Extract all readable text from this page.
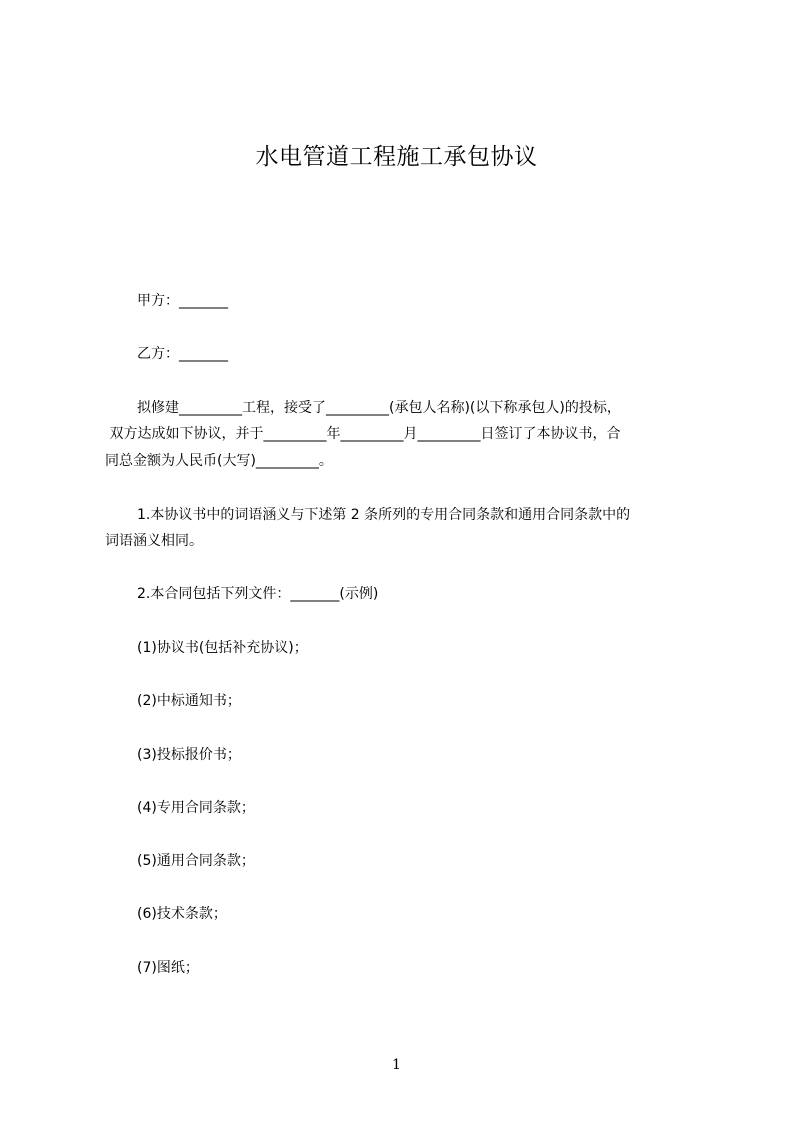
水电管道工程施工承包协议
甲方：_______
乙方：_______
拟修建_________工程，接受了_________(承包人名称)(以下称承包人)的投标，
双方达成如下协议，并于_________年_________月_________日签订了本协议书，合
同总金额为人民币(大写)_________。
1.本协议书中的词语涵义与下述第 2 条所列的专用合同条款和通用合同条款中的
词语涵义相同。
2.本合同包括下列文件：_______(示例)
(1)协议书(包括补充协议)；
(2)中标通知书；
(3)投标报价书；
(4)专用合同条款；
(5)通用合同条款；
(6)技术条款；
(7)图纸；
1
